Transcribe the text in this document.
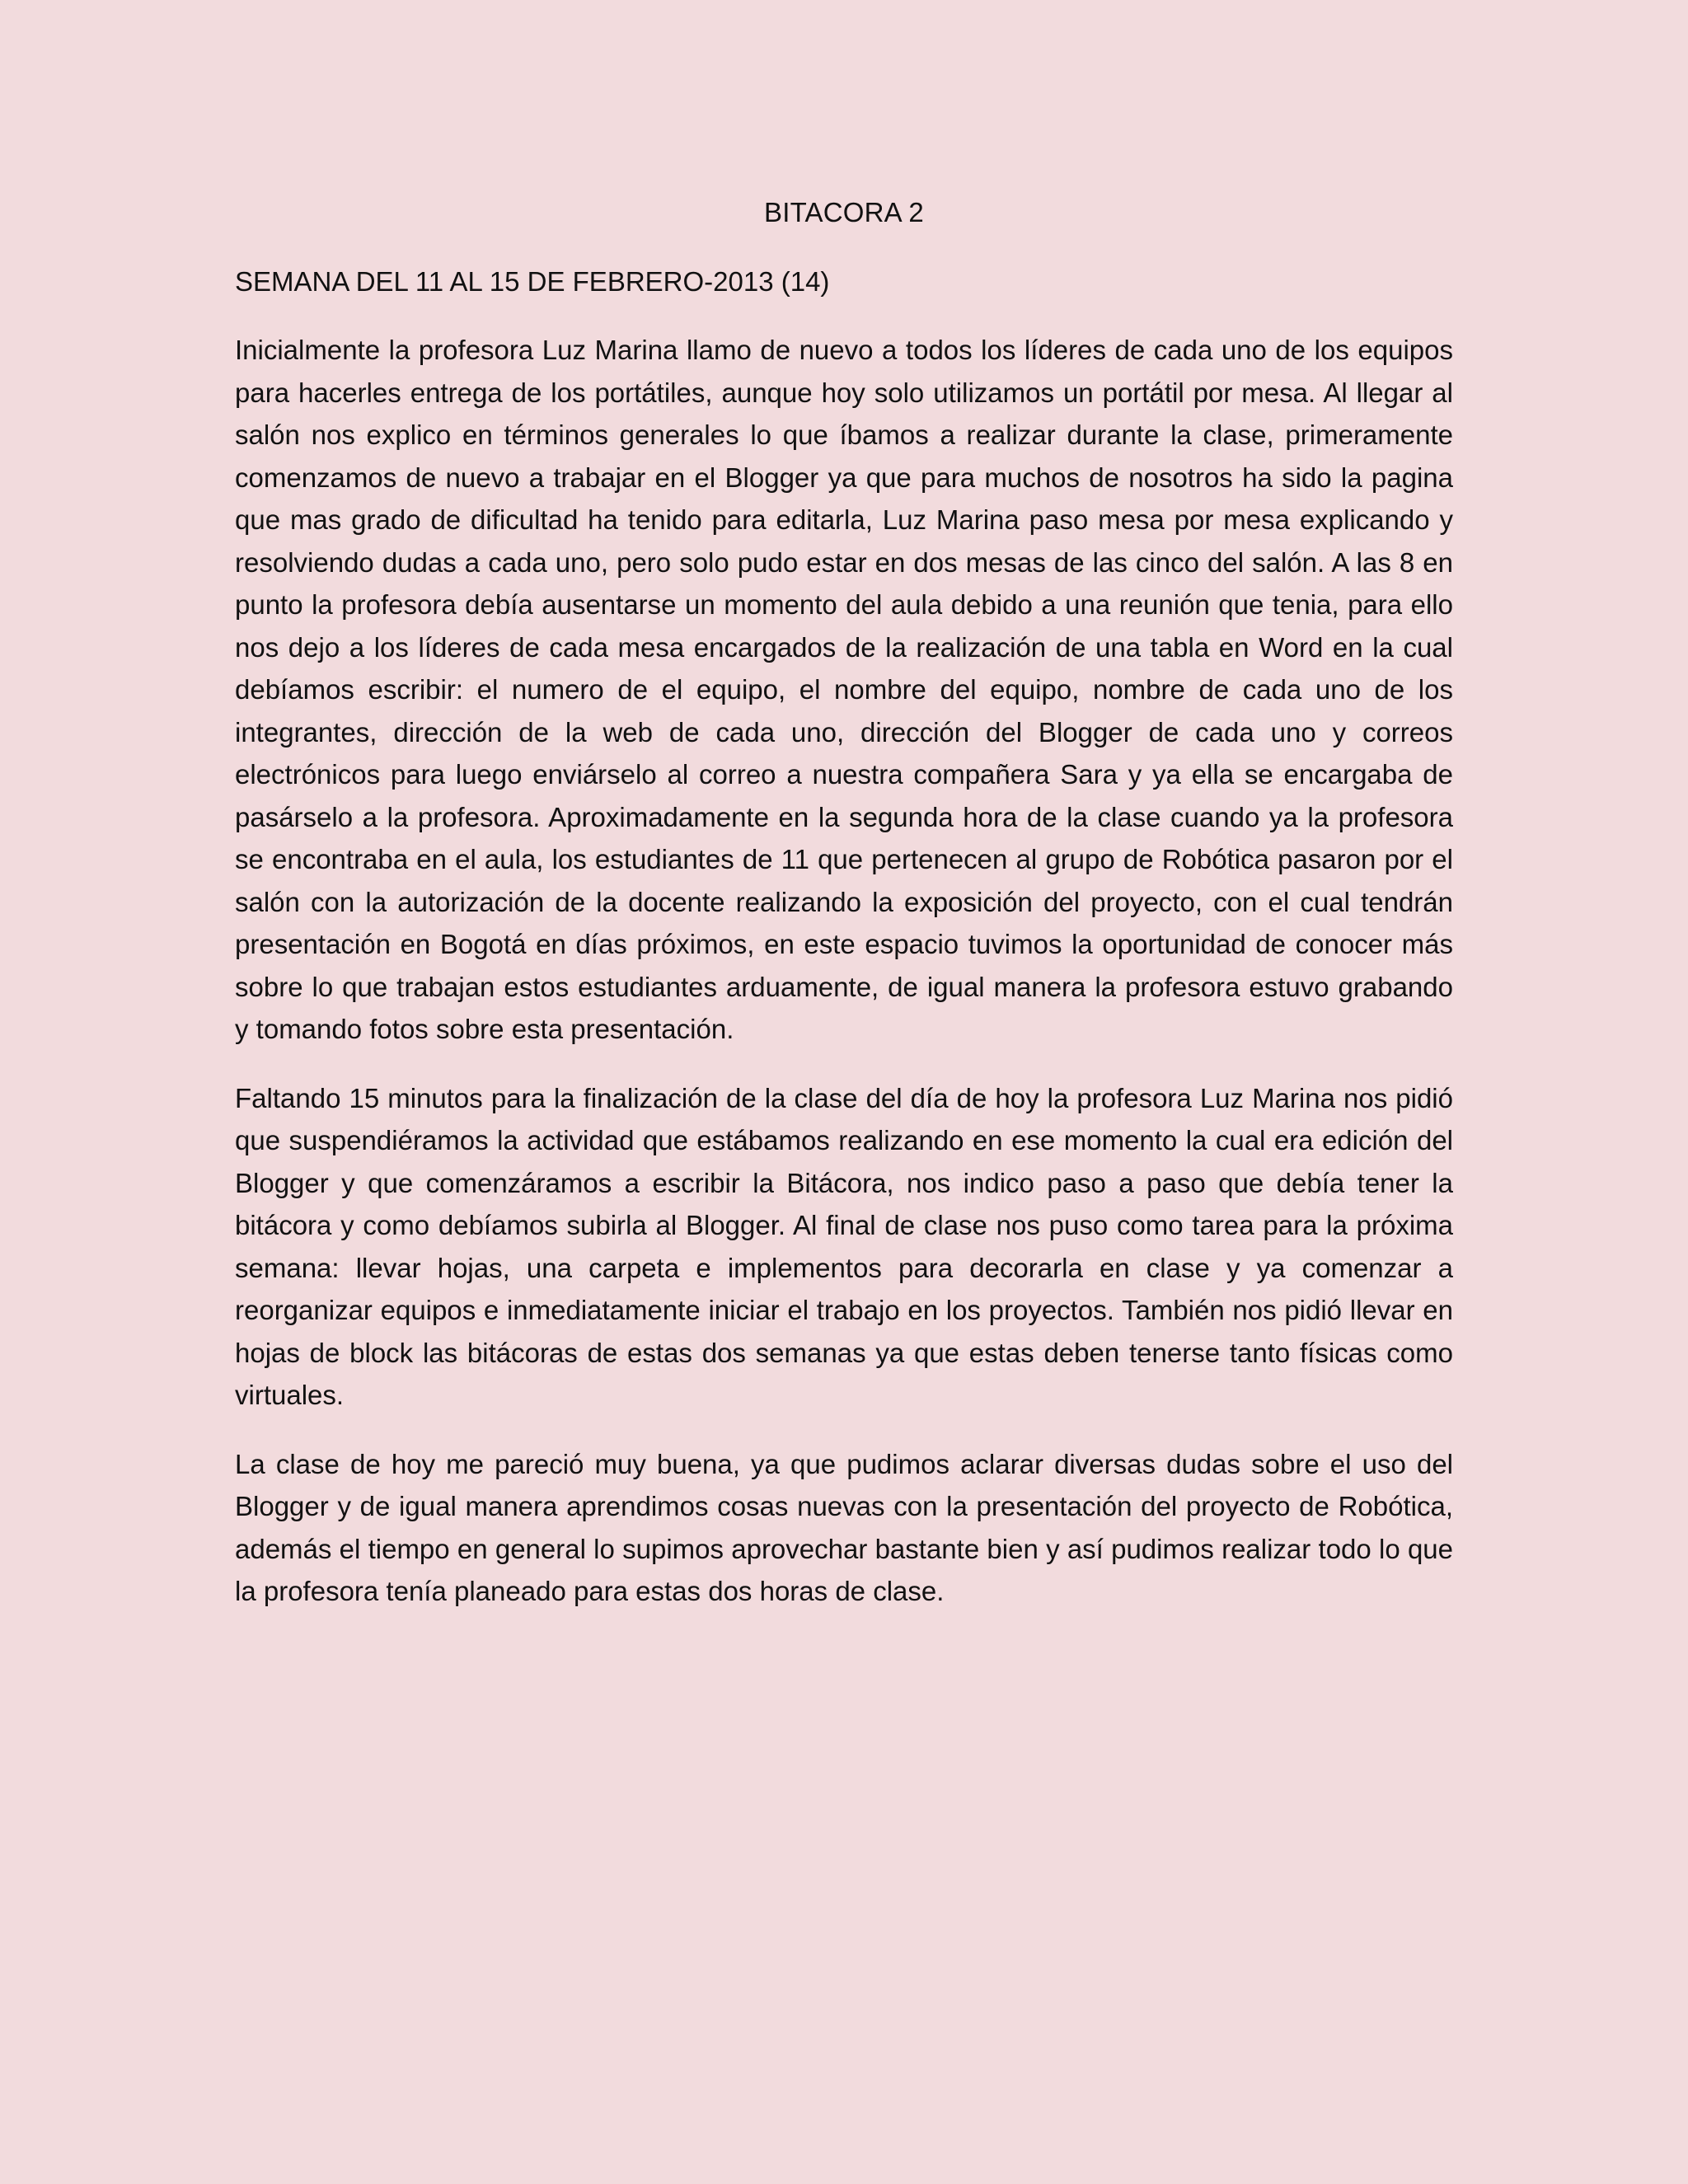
BITACORA 2

SEMANA DEL 11 AL 15 DE FEBRERO-2013 (14)

Inicialmente la profesora Luz Marina llamo de nuevo a todos los líderes de cada uno de los equipos para hacerles entrega de los portátiles, aunque hoy solo utilizamos un portátil por mesa. Al llegar al salón nos explico en términos generales lo que íbamos a realizar durante la clase, primeramente comenzamos de nuevo a trabajar en el Blogger ya que para muchos de nosotros ha sido la pagina que mas grado de dificultad ha tenido para editarla, Luz Marina paso mesa por mesa explicando y resolviendo dudas a cada uno, pero solo pudo estar en dos mesas de las cinco del salón. A las 8 en punto la profesora debía ausentarse un momento del aula debido a una reunión que tenia, para ello nos dejo a los líderes de cada mesa encargados de la realización de una tabla en Word en la cual debíamos escribir: el numero de el equipo, el nombre del equipo, nombre de cada uno de los integrantes, dirección de la web de cada uno, dirección del Blogger de cada uno y correos electrónicos para luego enviárselo al correo a nuestra compañera Sara y ya ella se encargaba de pasárselo a la profesora. Aproximadamente en la segunda hora de la clase cuando ya la profesora se encontraba en el aula, los estudiantes de 11 que pertenecen al grupo de Robótica pasaron por el salón con la autorización de la docente realizando la exposición del proyecto, con el cual tendrán presentación en Bogotá en días próximos, en este espacio tuvimos la oportunidad de conocer más sobre lo que trabajan estos estudiantes arduamente, de igual manera la profesora estuvo grabando y tomando fotos sobre esta presentación.

Faltando 15 minutos para la finalización de la clase del día de hoy la profesora Luz Marina nos pidió que suspendiéramos la actividad que estábamos realizando en ese momento la cual era edición del Blogger y que comenzáramos a escribir la Bitácora, nos indico paso a paso que debía tener la bitácora y como debíamos subirla al Blogger. Al final de clase nos puso como tarea para la próxima semana: llevar hojas, una carpeta e implementos para decorarla en clase y ya comenzar a reorganizar equipos e inmediatamente iniciar el trabajo en los proyectos. También nos pidió llevar en hojas de block las bitácoras de estas dos semanas ya que estas deben tenerse tanto físicas como virtuales.

La clase de hoy me pareció muy buena, ya que pudimos aclarar diversas dudas sobre el uso del Blogger y de igual manera aprendimos cosas nuevas con la presentación del proyecto de Robótica, además el tiempo en general lo supimos aprovechar bastante bien y así pudimos realizar todo lo que la profesora tenía planeado para estas dos horas de clase.
